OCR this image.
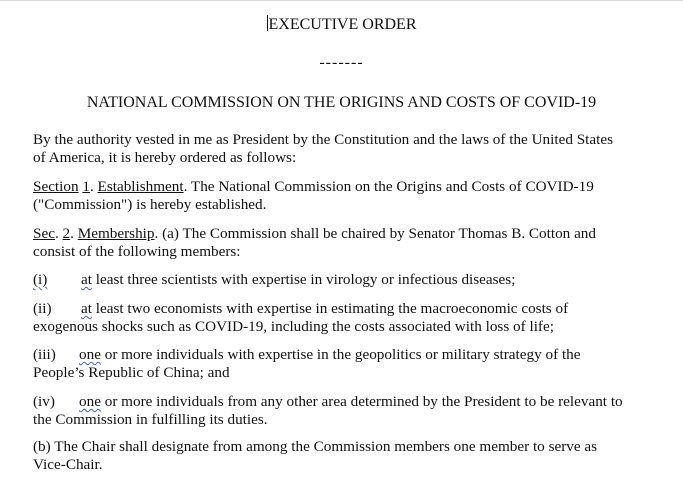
EXECUTIVE ORDER
-------
NATIONAL COMMISSION ON THE ORIGINS AND COSTS OF COVID-19
By the authority vested in me as President by the Constitution and the laws of the United States
of America, it is hereby ordered as follows:
Section 1. Establishment. The National Commission on the Origins and Costs of COVID-19
("Commission") is hereby established.
Sec. 2. Membership. (a) The Commission shall be chaired by Senator Thomas B. Cotton and
consist of the following members:
(i) at least three scientists with expertise in virology or infectious diseases;
(ii) at least two economists with expertise in estimating the macroeconomic costs of
exogenous shocks such as COVID-19, including the costs associated with loss of life;
(iii) one or more individuals with expertise in the geopolitics or military strategy of the
People’s Republic of China; and
(iv) one or more individuals from any other area determined by the President to be relevant to
the Commission in fulfilling its duties.
(b) The Chair shall designate from among the Commission members one member to serve as
Vice-Chair.
